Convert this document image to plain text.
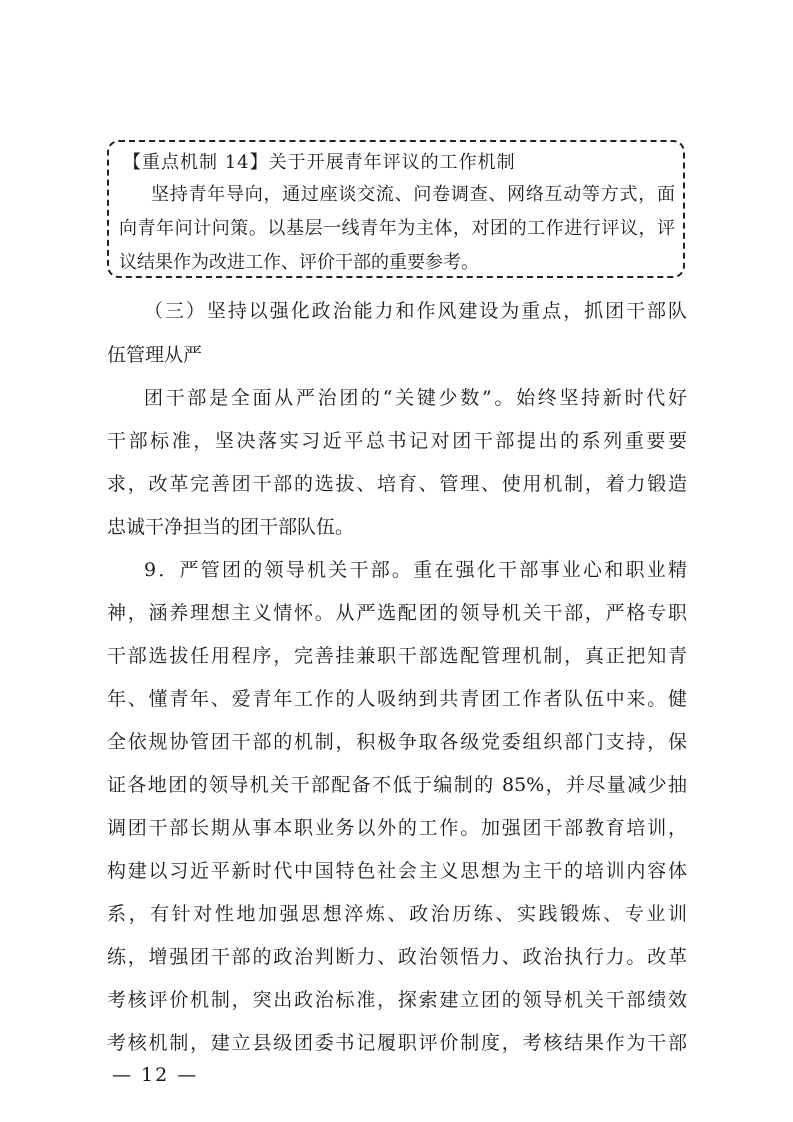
【重点机制 14】关于开展青年评议的工作机制
坚持青年导向，通过座谈交流、问卷调查、网络互动等方式，面
向青年问计问策。以基层一线青年为主体，对团的工作进行评议，评
议结果作为改进工作、评价干部的重要参考。
（三）坚持以强化政治能力和作风建设为重点，抓团干部队
伍管理从严
团干部是全面从严治团的“关键少数”。始终坚持新时代好
干部标准，坚决落实习近平总书记对团干部提出的系列重要要
求，改革完善团干部的选拔、培育、管理、使用机制，着力锻造
忠诚干净担当的团干部队伍。
9．严管团的领导机关干部。重在强化干部事业心和职业精
神，涵养理想主义情怀。从严选配团的领导机关干部，严格专职
干部选拔任用程序，完善挂兼职干部选配管理机制，真正把知青
年、懂青年、爱青年工作的人吸纳到共青团工作者队伍中来。健
全依规协管团干部的机制，积极争取各级党委组织部门支持，保
证各地团的领导机关干部配备不低于编制的 85%，并尽量减少抽
调团干部长期从事本职业务以外的工作。加强团干部教育培训，
构建以习近平新时代中国特色社会主义思想为主干的培训内容体
系，有针对性地加强思想淬炼、政治历练、实践锻炼、专业训
练，增强团干部的政治判断力、政治领悟力、政治执行力。改革
考核评价机制，突出政治标准，探索建立团的领导机关干部绩效
考核机制，建立县级团委书记履职评价制度，考核结果作为干部
— 12 —
